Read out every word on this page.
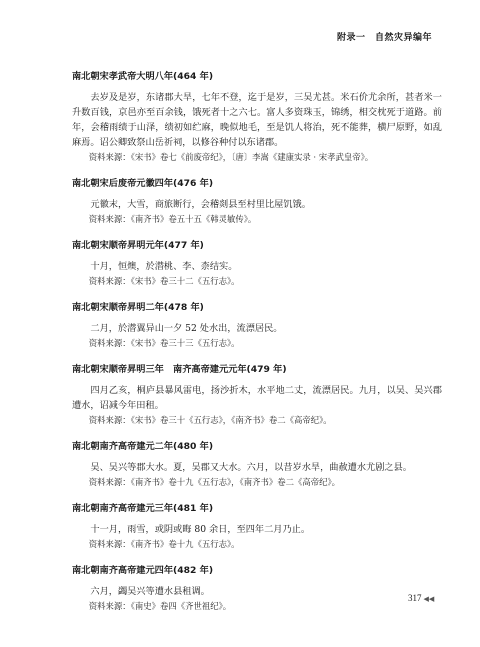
附录一　自然灾异编年

南北朝宋孝武帝大明八年(464 年)

去岁及是岁，东诸郡大旱，七年不登，迄于是岁，三吴尤甚。米石价尤余所，甚者米一升数百钱，京邑亦至百余钱，饿死者十之六七。富人多资珠玉，锦绣，相交枕死于道路。前年，会稽雨绩于山泽，绩初如纻麻，晚似地毛，至是饥人将治，死不能葬，横尸原野，如乱麻焉。诏公卿致祭山岳祈祠，以修谷种付以东诸郡。

资料来源：《宋书》卷七《前废帝纪》，〔唐〕李嵩《建康实录 · 宋孝武皇帝》。

南北朝宋后废帝元徽四年(476 年)

元徽末，大雪，商旅断行，会稽剡县至村里比屋饥饿。

资料来源：《南齐书》卷五十五《韩灵敏传》。

南北朝宋顺帝昇明元年(477 年)

十月，恒燠，於潜桃、李、柰结实。

资料来源：《宋书》卷三十二《五行志》。

南北朝宋顺帝昇明二年(478 年)

二月，於潜翼异山一夕 52 处水出，流漂居民。

资料来源：《宋书》卷三十三《五行志》。

南北朝宋顺帝昇明三年　南齐高帝建元元年(479 年)

四月乙亥，桐庐县暴风雷电，扬沙折木，水平地二丈，流漂居民。九月，以吴、吴兴郡遭水，诏减今年田租。

资料来源：《宋书》卷三十《五行志》，《南齐书》卷二《高帝纪》。

南北朝南齐高帝建元二年(480 年)

吴、吴兴等郡大水。夏，吴郡又大水。六月，以昔岁水旱，曲赦遭水尤剧之县。

资料来源：《南齐书》卷十九《五行志》，《南齐书》卷二《高帝纪》。

南北朝南齐高帝建元三年(481 年)

十一月，雨雪，或阴或晦 80 余日，至四年二月乃止。

资料来源：《南齐书》卷十九《五行志》。

南北朝南齐高帝建元四年(482 年)

六月，蠲吴兴等遭水县租调。

资料来源：《南史》卷四《齐世祖纪》。

317 ◀◀
